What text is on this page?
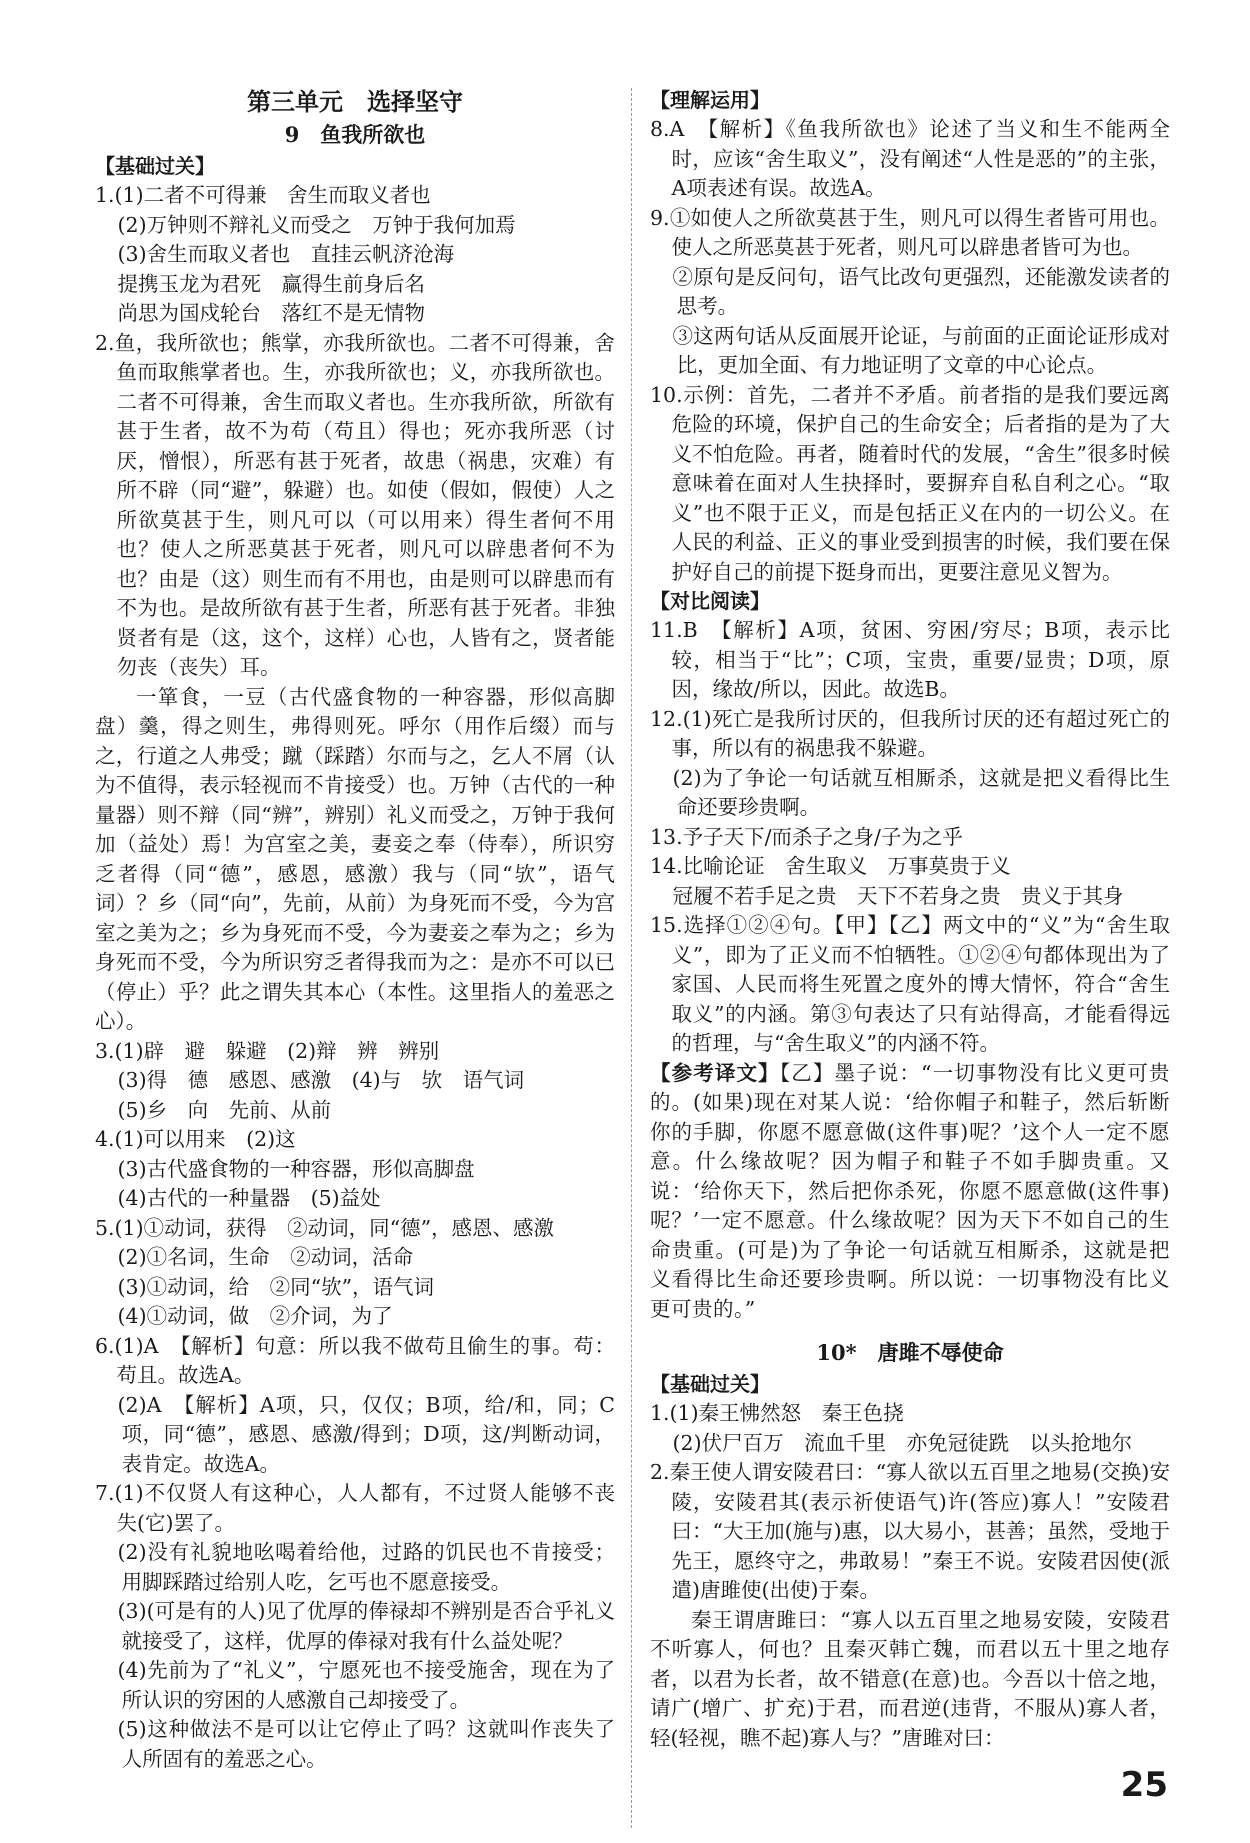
第三单元　选择坚守
9　鱼我所欲也
【基础过关】

1.(1)二者不可得兼　舍生而取义者也

(2)万钟则不辩礼义而受之　万钟于我何加焉

(3)舍生而取义者也　直挂云帆济沧海

提携玉龙为君死　赢得生前身后名

尚思为国戍轮台　落红不是无情物

2.鱼，我所欲也；熊掌，亦我所欲也。二者不可得兼，舍鱼而取熊掌者也。生，亦我所欲也；义，亦我所欲也。二者不可得兼，舍生而取义者也。生亦我所欲，所欲有甚于生者，故不为苟（苟且）得也；死亦我所恶（讨厌，憎恨），所恶有甚于死者，故患（祸患，灾难）有所不辟（同“避”，躲避）也。如使（假如，假使）人之所欲莫甚于生，则凡可以（可以用来）得生者何不用也？使人之所恶莫甚于死者，则凡可以辟患者何不为也？由是（这）则生而有不用也，由是则可以辟患而有不为也。是故所欲有甚于生者，所恶有甚于死者。非独贤者有是（这，这个，这样）心也，人皆有之，贤者能勿丧（丧失）耳。

一箪食，一豆（古代盛食物的一种容器，形似高脚盘）羹，得之则生，弗得则死。呼尔（用作后缀）而与之，行道之人弗受；蹴（踩踏）尔而与之，乞人不屑（认为不值得，表示轻视而不肯接受）也。万钟（古代的一种量器）则不辩（同“辨”，辨别）礼义而受之，万钟于我何加（益处）焉！为宫室之美，妻妾之奉（侍奉），所识穷乏者得（同“德”，感恩，感激）我与（同“欤”，语气词）？乡（同“向”，先前，从前）为身死而不受，今为宫室之美为之；乡为身死而不受，今为妻妾之奉为之；乡为身死而不受，今为所识穷乏者得我而为之：是亦不可以已（停止）乎？此之谓失其本心（本性。这里指人的羞恶之心）。

3.(1)辟　避　躲避　(2)辩　辨　辨别

(3)得　德　感恩、感激　(4)与　欤　语气词

(5)乡　向　先前、从前

4.(1)可以用来　(2)这

(3)古代盛食物的一种容器，形似高脚盘

(4)古代的一种量器　(5)益处

5.(1)①动词，获得　②动词，同“德”，感恩、感激

(2)①名词，生命　②动词，活命

(3)①动词，给　②同“欤”，语气词

(4)①动词，做　②介词，为了

6.(1)A　【解析】句意：所以我不做苟且偷生的事。苟：苟且。故选A。

(2)A　【解析】A项，只，仅仅；B项，给/和，同；C项，同“德”，感恩、感激/得到；D项，这/判断动词，表肯定。故选A。

7.(1)不仅贤人有这种心，人人都有，不过贤人能够不丧失(它)罢了。

(2)没有礼貌地吆喝着给他，过路的饥民也不肯接受；用脚踩踏过给别人吃，乞丐也不愿意接受。

(3)(可是有的人)见了优厚的俸禄却不辨别是否合乎礼义就接受了，这样，优厚的俸禄对我有什么益处呢？

(4)先前为了“礼义”，宁愿死也不接受施舍，现在为了所认识的穷困的人感激自己却接受了。

(5)这种做法不是可以让它停止了吗？这就叫作丧失了人所固有的羞恶之心。

【理解运用】

8.A　【解析】《鱼我所欲也》论述了当义和生不能两全时，应该“舍生取义”，没有阐述“人性是恶的”的主张，A项表述有误。故选A。

9.①如使人之所欲莫甚于生，则凡可以得生者皆可用也。使人之所恶莫甚于死者，则凡可以辟患者皆可为也。

②原句是反问句，语气比改句更强烈，还能激发读者的思考。

③这两句话从反面展开论证，与前面的正面论证形成对比，更加全面、有力地证明了文章的中心论点。

10.示例：首先，二者并不矛盾。前者指的是我们要远离危险的环境，保护自己的生命安全；后者指的是为了大义不怕危险。再者，随着时代的发展，“舍生”很多时候意味着在面对人生抉择时，要摒弃自私自利之心。“取义”也不限于正义，而是包括正义在内的一切公义。在人民的利益、正义的事业受到损害的时候，我们要在保护好自己的前提下挺身而出，更要注意见义智为。

【对比阅读】

11.B　【解析】A项，贫困、穷困/穷尽；B项，表示比较，相当于“比”；C项，宝贵，重要/显贵；D项，原因，缘故/所以，因此。故选B。

12.(1)死亡是我所讨厌的，但我所讨厌的还有超过死亡的事，所以有的祸患我不躲避。

(2)为了争论一句话就互相厮杀，这就是把义看得比生命还要珍贵啊。

13.予子天下/而杀子之身/子为之乎

14.比喻论证　舍生取义　万事莫贵于义

冠履不若手足之贵　天下不若身之贵　贵义于其身

15.选择①②④句。【甲】【乙】两文中的“义”为“舍生取义”，即为了正义而不怕牺牲。①②④句都体现出为了家国、人民而将生死置之度外的博大情怀，符合“舍生取义”的内涵。第③句表达了只有站得高，才能看得远的哲理，与“舍生取义”的内涵不符。

【参考译文】【乙】墨子说：“一切事物没有比义更可贵的。(如果)现在对某人说：‘给你帽子和鞋子，然后斩断你的手脚，你愿不愿意做(这件事)呢？’这个人一定不愿意。什么缘故呢？因为帽子和鞋子不如手脚贵重。又说：‘给你天下，然后把你杀死，你愿不愿意做(这件事)呢？’一定不愿意。什么缘故呢？因为天下不如自己的生命贵重。(可是)为了争论一句话就互相厮杀，这就是把义看得比生命还要珍贵啊。所以说：一切事物没有比义更可贵的。”

10*　唐雎不辱使命
【基础过关】

1.(1)秦王怫然怒　秦王色挠

(2)伏尸百万　流血千里　亦免冠徒跣　以头抢地尔

2.秦王使人谓安陵君曰：“寡人欲以五百里之地易(交换)安陵，安陵君其(表示祈使语气)许(答应)寡人！”安陵君曰：“大王加(施与)惠，以大易小，甚善；虽然，受地于先王，愿终守之，弗敢易！”秦王不说。安陵君因使(派遣)唐雎使(出使)于秦。

秦王谓唐雎曰：“寡人以五百里之地易安陵，安陵君不听寡人，何也？且秦灭韩亡魏，而君以五十里之地存者，以君为长者，故不错意(在意)也。今吾以十倍之地，请广(增广、扩充)于君，而君逆(违背，不服从)寡人者，轻(轻视，瞧不起)寡人与？”唐雎对曰：

25
